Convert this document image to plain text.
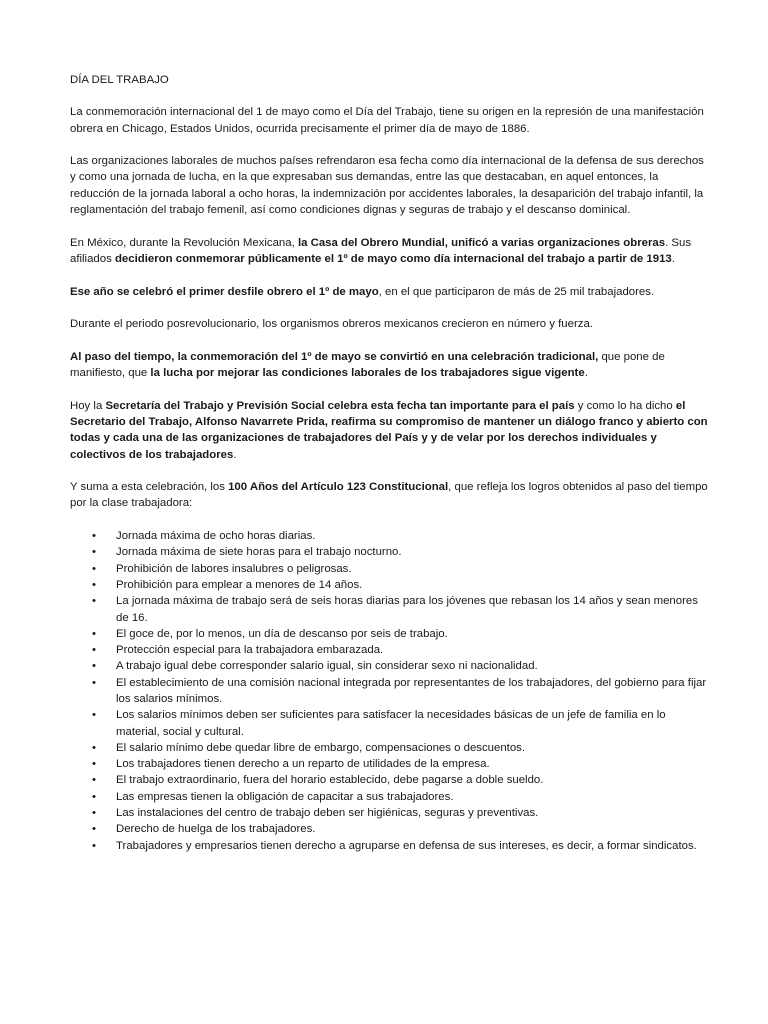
DÍA DEL TRABAJO

La conmemoración internacional del 1 de mayo como el Día del Trabajo, tiene su origen en la represión de una manifestación obrera en Chicago, Estados Unidos, ocurrida precisamente el primer día de mayo de 1886.

Las organizaciones laborales de muchos países refrendaron esa fecha como día internacional de la defensa de sus derechos y como una jornada de lucha, en la que expresaban sus demandas, entre las que destacaban, en aquel entonces, la reducción de la jornada laboral a ocho horas, la indemnización por accidentes laborales, la desaparición del trabajo infantil, la reglamentación del trabajo femenil, así como condiciones dignas y seguras de trabajo y el descanso dominical.

En México, durante la Revolución Mexicana, la Casa del Obrero Mundial, unificó a varias organizaciones obreras. Sus afiliados decidieron conmemorar públicamente el 1º de mayo como día internacional del trabajo a partir de 1913.

Ese año se celebró el primer desfile obrero el 1º de mayo, en el que participaron de más de 25 mil trabajadores.

Durante el periodo posrevolucionario, los organismos obreros mexicanos crecieron en número y fuerza.

Al paso del tiempo, la conmemoración del 1º de mayo se convirtió en una celebración tradicional, que pone de manifiesto, que la lucha por mejorar las condiciones laborales de los trabajadores sigue vigente.

Hoy la Secretaría del Trabajo y Previsión Social celebra esta fecha tan importante para el país y como lo ha dicho el Secretario del Trabajo, Alfonso Navarrete Prida, reafirma su compromiso de mantener un diálogo franco y abierto con todas y cada una de las organizaciones de trabajadores del País y y de velar por los derechos individuales y colectivos de los trabajadores.

Y suma a esta celebración, los 100 Años del Artículo 123 Constitucional, que refleja los logros obtenidos al paso del tiempo por la clase trabajadora:

• Jornada máxima de ocho horas diarias.
• Jornada máxima de siete horas para el trabajo nocturno.
• Prohibición de labores insalubres o peligrosas.
• Prohibición para emplear a menores de 14 años.
• La jornada máxima de trabajo será de seis horas diarias para los jóvenes que rebasan los 14 años y sean menores de 16.
• El goce de, por lo menos, un día de descanso por seis de trabajo.
• Protección especial para la trabajadora embarazada.
• A trabajo igual debe corresponder salario igual, sin considerar sexo ni nacionalidad.
• El establecimiento de una comisión nacional integrada por representantes de los trabajadores, del gobierno para fijar los salarios mínimos.
• Los salarios mínimos deben ser suficientes para satisfacer la necesidades básicas de un jefe de familia en lo material, social y cultural.
• El salario mínimo debe quedar libre de embargo, compensaciones o descuentos.
• Los trabajadores tienen derecho a un reparto de utilidades de la empresa.
• El trabajo extraordinario, fuera del horario establecido, debe pagarse a doble sueldo.
• Las empresas tienen la obligación de capacitar a sus trabajadores.
• Las instalaciones del centro de trabajo deben ser higiénicas, seguras y preventivas.
• Derecho de huelga de los trabajadores.
• Trabajadores y empresarios tienen derecho a agruparse en defensa de sus intereses, es decir, a formar sindicatos.
